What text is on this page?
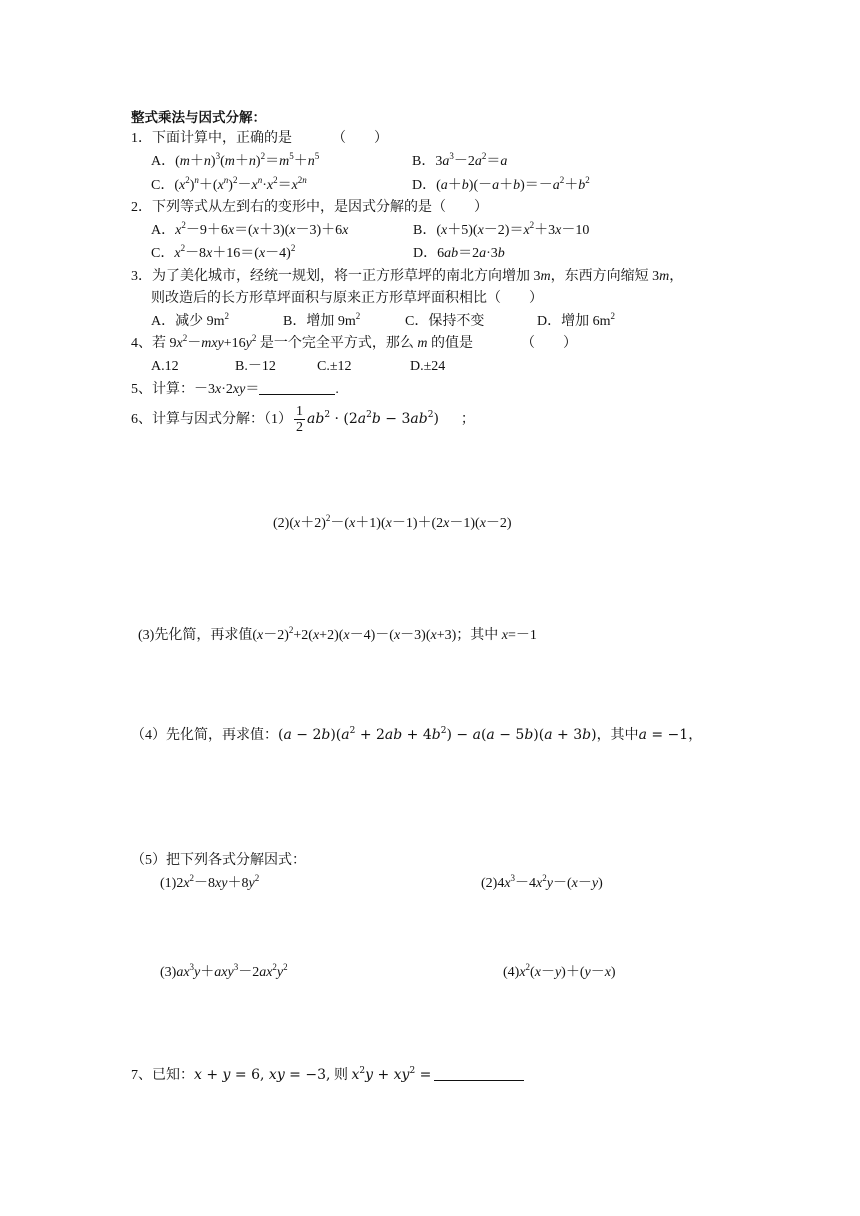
整式乘法与因式分解：
1．下面计算中，正确的是	（　　）
A．$(m+n)^3(m+n)^2=m^5+n^5$	B．$3a^3-2a^2=a$
C．$(x^2)^n+(x^n)^2-x^n\cdot x^2=x^{2n}$	D．$(a+b)(-a+b)=-a^2+b^2$
2．下列等式从左到右的变形中，是因式分解的是（　　）
A．$x^2-9+6x=(x+3)(x-3)+6x$	B．$(x+5)(x-2)=x^2+3x-10$
C．$x^2-8x+16=(x-4)^2$	D．6ab＝2a·3b
3．为了美化城市，经统一规划，将一正方形草坪的南北方向增加 3m，东西方向缩短 3m，
则改造后的长方形草坪面积与原来正方形草坪面积相比（　　）
A．减少 $9m^2$	B．增加 $9m^2$	C．保持不变	D．增加 $6m^2$
4、若 $9x^2-mxy+16y^2$ 是一个完全平方式，那么 m 的值是	（　　）
A.12	B.－12	C.±12	D.±24
5、计算：－3x·2xy＝	.
6、计算与因式分解：$(1) \frac{1}{2} ab^2 \cdot (2a^2b - 3ab^2)$ ；
$(2)(x+2)^2-(x+1)(x-1)+(2x-1)(x-2)$
(3)先化简，再求值$(x-2)^2+2(x+2)(x-4)-(x-3)(x+3)$；其中 x=－1
（4）先化简，再求值：$(a - 2b)(a^2 + 2ab + 4b^2) - a(a - 5b)(a + 3b)$，其中a = −1，
（5）把下列各式分解因式：
$(1)2x^2-8xy+8y^2$	$(2)4x^3-4x^2y-(x-y)$
$(3)ax^3y+axy^3-2ax^2y^2$	$(4)x^2(x-y)+(y-x)$
7、已知：x + y = 6, xy = −3, 则 $x^2y + xy^2$ =
